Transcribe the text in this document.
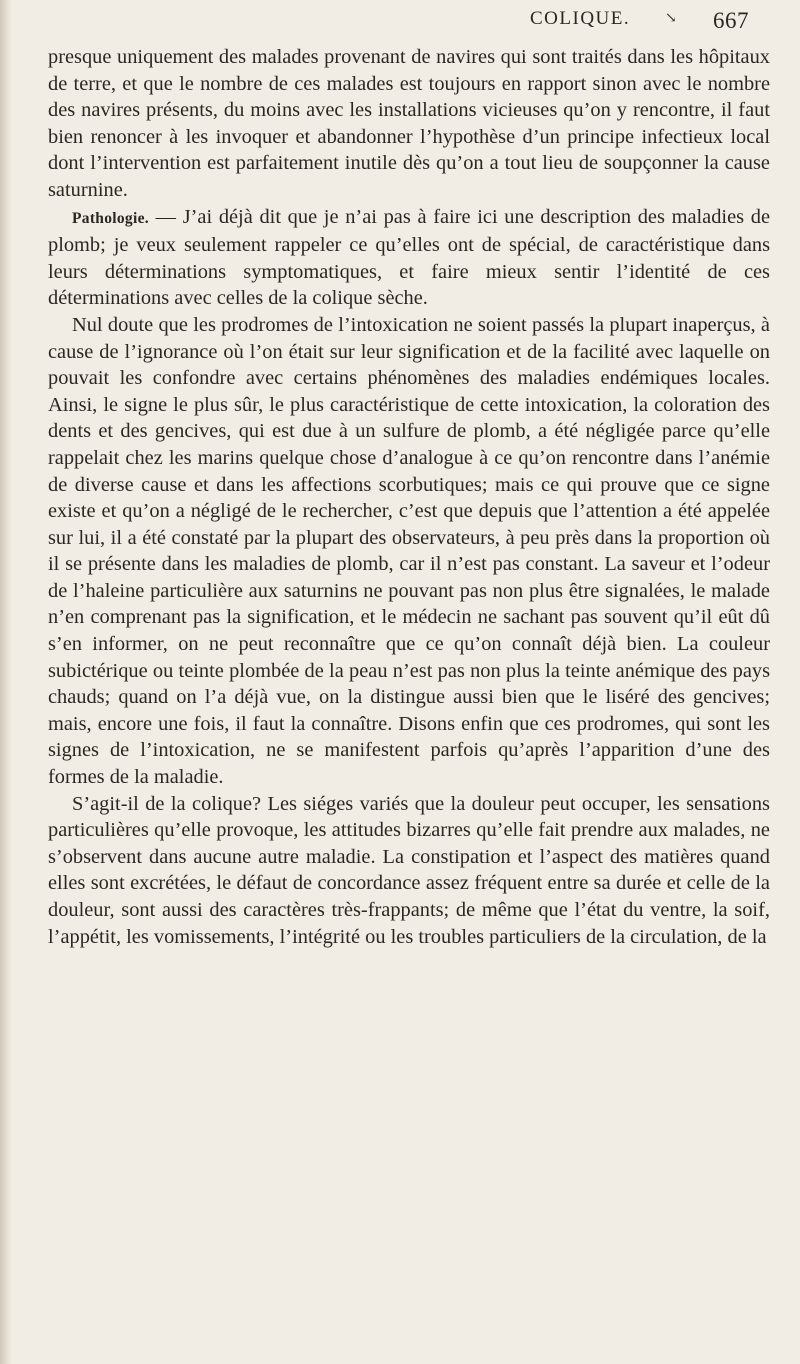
COLIQUE. ↘ 667

presque uniquement des malades provenant de navires qui sont traités dans les hôpitaux de terre, et que le nombre de ces malades est toujours en rapport sinon avec le nombre des navires présents, du moins avec les installations vicieuses qu’on y rencontre, il faut bien renoncer à les invoquer et abandonner l’hypothèse d’un principe infectieux local dont l’intervention est parfaitement inutile dès qu’on a tout lieu de soupçonner la cause saturnine.

Pathologie. — J’ai déjà dit que je n’ai pas à faire ici une description des maladies de plomb; je veux seulement rappeler ce qu’elles ont de spécial, de caractéristique dans leurs déterminations symptomatiques, et faire mieux sentir l’identité de ces déterminations avec celles de la colique sèche.

Nul doute que les prodromes de l’intoxication ne soient passés la plupart inaperçus, à cause de l’ignorance où l’on était sur leur signification et de la facilité avec laquelle on pouvait les confondre avec certains phénomènes des maladies endémiques locales. Ainsi, le signe le plus sûr, le plus caractéristique de cette intoxication, la coloration des dents et des gencives, qui est due à un sulfure de plomb, a été négligée parce qu’elle rappelait chez les marins quelque chose d’analogue à ce qu’on rencontre dans l’anémie de diverse cause et dans les affections scorbutiques; mais ce qui prouve que ce signe existe et qu’on a négligé de le rechercher, c’est que depuis que l’attention a été appelée sur lui, il a été constaté par la plupart des observateurs, à peu près dans la proportion où il se présente dans les maladies de plomb, car il n’est pas constant. La saveur et l’odeur de l’haleine particulière aux saturnins ne pouvant pas non plus être signalées, le malade n’en comprenant pas la signification, et le médecin ne sachant pas souvent qu’il eût dû s’en informer, on ne peut reconnaître que ce qu’on connaît déjà bien. La couleur subictérique ou teinte plombée de la peau n’est pas non plus la teinte anémique des pays chauds; quand on l’a déjà vue, on la distingue aussi bien que le liséré des gencives; mais, encore une fois, il faut la connaître. Disons enfin que ces prodromes, qui sont les signes de l’intoxication, ne se manifestent parfois qu’après l’apparition d’une des formes de la maladie.

S’agit-il de la colique? Les siéges variés que la douleur peut occuper, les sensations particulières qu’elle provoque, les attitudes bizarres qu’elle fait prendre aux malades, ne s’observent dans aucune autre maladie. La constipation et l’aspect des matières quand elles sont excrétées, le défaut de concordance assez fréquent entre sa durée et celle de la douleur, sont aussi des caractères très-frappants; de même que l’état du ventre, la soif, l’appétit, les vomissements, l’intégrité ou les troubles particuliers de la circulation, de la
